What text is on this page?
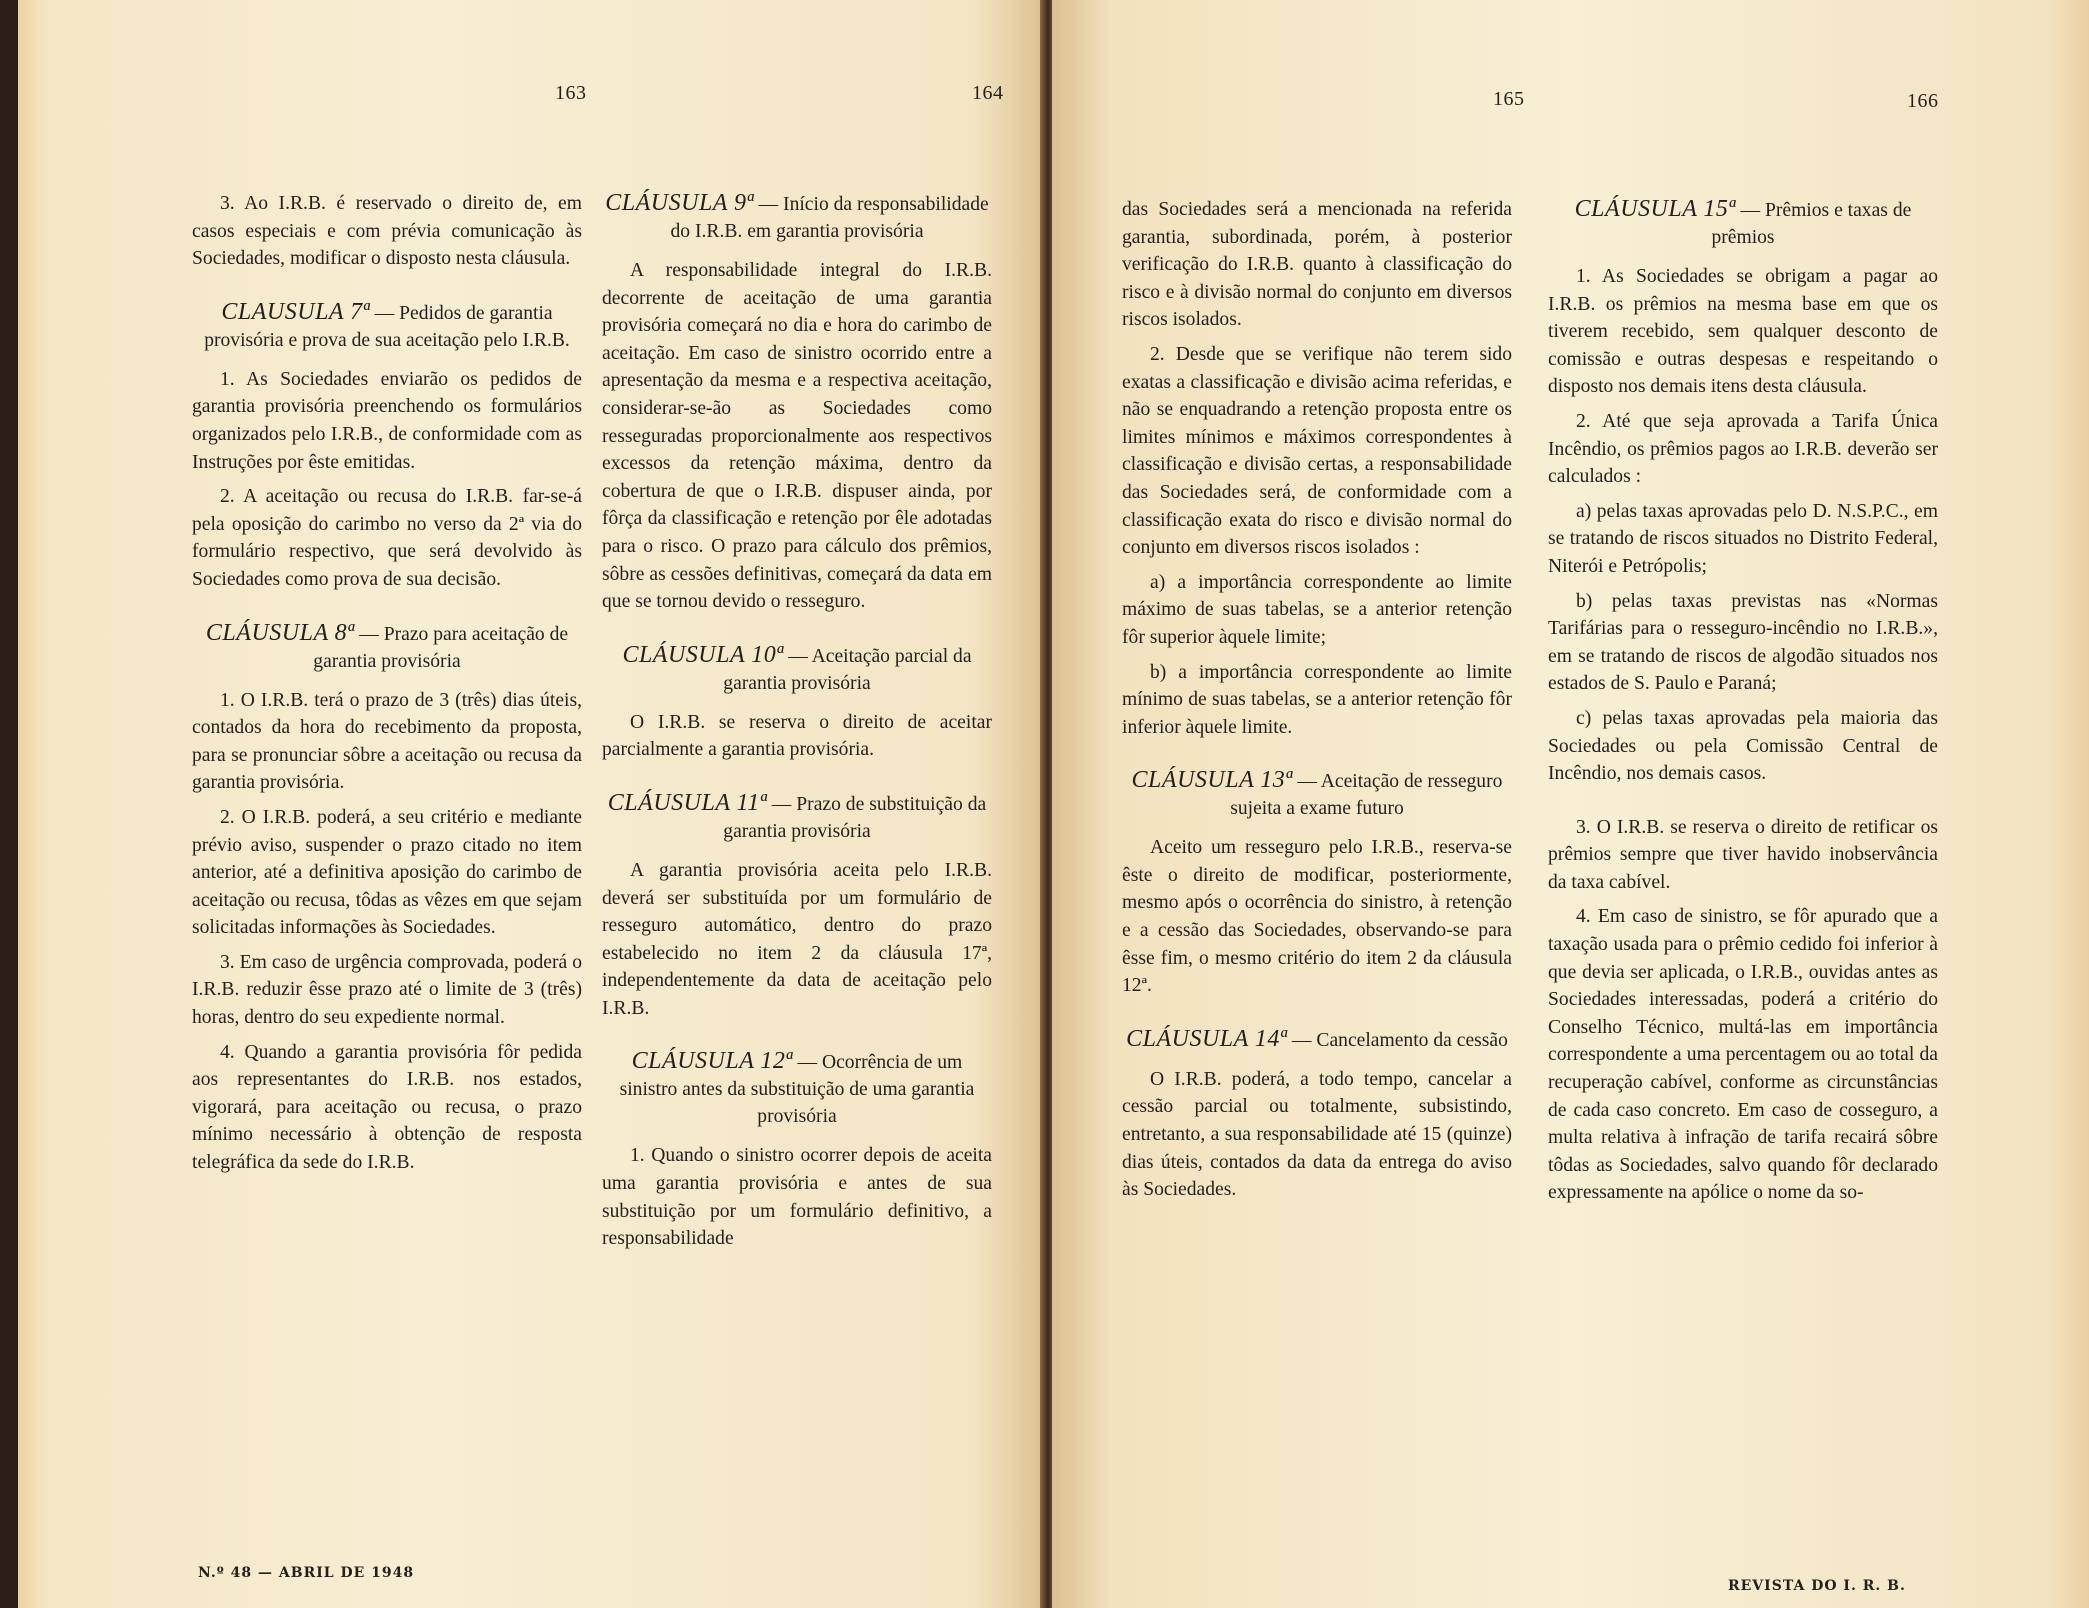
163	164

3. Ao I.R.B. é reservado o direito de, em casos especiais e com prévia comunicação às Sociedades, modificar o disposto nesta cláusula.

CLAUSULA 7ª — Pedidos de garantia provisória e prova de sua aceitação pelo I.R.B.

1. As Sociedades enviarão os pedidos de garantia provisória preenchendo os formulários organizados pelo I.R.B., de conformidade com as Instruções por êste emitidas.

2. A aceitação ou recusa do I.R.B. far-se-á pela oposição do carimbo no verso da 2ª via do formulário respectivo, que será devolvido às Sociedades como prova de sua decisão.

CLÁUSULA 8ª — Prazo para aceitação de garantia provisória

1. O I.R.B. terá o prazo de 3 (três) dias úteis, contados da hora do recebimento da proposta, para se pronunciar sôbre a aceitação ou recusa da garantia provisória.

2. O I.R.B. poderá, a seu critério e mediante prévio aviso, suspender o prazo citado no item anterior, até a definitiva aposição do carimbo de aceitação ou recusa, tôdas as vêzes em que sejam solicitadas informações às Sociedades.

3. Em caso de urgência comprovada, poderá o I.R.B. reduzir êsse prazo até o limite de 3 (três) horas, dentro do seu expediente normal.

4. Quando a garantia provisória fôr pedida aos representantes do I.R.B. nos estados, vigorará, para aceitação ou recusa, o prazo mínimo necessário à obtenção de resposta telegráfica da sede do I.R.B.

CLÁUSULA 9ª — Início da responsabilidade do I.R.B. em garantia provisória

A responsabilidade integral do I.R.B. decorrente de aceitação de uma garantia provisória começará no dia e hora do carimbo de aceitação. Em caso de sinistro ocorrido entre a apresentação da mesma e a respectiva aceitação, considerar-se-ão as Sociedades como resseguradas proporcionalmente aos respectivos excessos da retenção máxima, dentro da cobertura de que o I.R.B. dispuser ainda, por fôrça da classificação e retenção por êle adotadas para o risco. O prazo para cálculo dos prêmios, sôbre as cessões definitivas, começará da data em que se tornou devido o resseguro.

CLÁUSULA 10ª — Aceitação parcial da garantia provisória

O I.R.B. se reserva o direito de aceitar parcialmente a garantia provisória.

CLÁUSULA 11ª — Prazo de substituição da garantia provisória

A garantia provisória aceita pelo I.R.B. deverá ser substituída por um formulário de resseguro automático, dentro do prazo estabelecido no item 2 da cláusula 17ª, independentemente da data de aceitação pelo I.R.B.

CLÁUSULA 12ª — Ocorrência de um sinistro antes da substituição de uma garantia provisória

1. Quando o sinistro ocorrer depois de aceita uma garantia provisória e antes de sua substituição por um formulário definitivo, a responsabilidade

N.º 48 — ABRIL DE 1948
165	166

das Sociedades será a mencionada na referida garantia, subordinada, porém, à posterior verificação do I.R.B. quanto à classificação do risco e à divisão normal do conjunto em diversos riscos isolados.

2. Desde que se verifique não terem sido exatas a classificação e divisão acima referidas, e não se enquadrando a retenção proposta entre os limites mínimos e máximos correspondentes à classificação e divisão certas, a responsabilidade das Sociedades será, de conformidade com a classificação exata do risco e divisão normal do conjunto em diversos riscos isolados :

a) a importância correspondente ao limite máximo de suas tabelas, se a anterior retenção fôr superior àquele limite;

b) a importância correspondente ao limite mínimo de suas tabelas, se a anterior retenção fôr inferior àquele limite.

CLÁUSULA 13ª — Aceitação de resseguro sujeita a exame futuro

Aceito um resseguro pelo I.R.B., reserva-se êste o direito de modificar, posteriormente, mesmo após o ocorrência do sinistro, à retenção e a cessão das Sociedades, observando-se para êsse fim, o mesmo critério do item 2 da cláusula 12ª.

CLÁUSULA 14ª — Cancelamento da cessão

O I.R.B. poderá, a todo tempo, cancelar a cessão parcial ou totalmente, subsistindo, entretanto, a sua responsabilidade até 15 (quinze) dias úteis, contados da data da entrega do aviso às Sociedades.

CLÁUSULA 15ª — Prêmios e taxas de prêmios

1. As Sociedades se obrigam a pagar ao I.R.B. os prêmios na mesma base em que os tiverem recebido, sem qualquer desconto de comissão e outras despesas e respeitando o disposto nos demais itens desta cláusula.

2. Até que seja aprovada a Tarifa Única Incêndio, os prêmios pagos ao I.R.B. deverão ser calculados :

a) pelas taxas aprovadas pelo D. N.S.P.C., em se tratando de riscos situados no Distrito Federal, Niterói e Petrópolis;

b) pelas taxas previstas nas «Normas Tarifárias para o resseguro-incêndio no I.R.B.», em se tratando de riscos de algodão situados nos estados de S. Paulo e Paraná;

c) pelas taxas aprovadas pela maioria das Sociedades ou pela Comissão Central de Incêndio, nos demais casos.

3. O I.R.B. se reserva o direito de retificar os prêmios sempre que tiver havido inobservância da taxa cabível.

4. Em caso de sinistro, se fôr apurado que a taxação usada para o prêmio cedido foi inferior à que devia ser aplicada, o I.R.B., ouvidas antes as Sociedades interessadas, poderá a critério do Conselho Técnico, multá-las em importância correspondente a uma percentagem ou ao total da recuperação cabível, conforme as circunstâncias de cada caso concreto. Em caso de cosseguro, a multa relativa à infração de tarifa recairá sôbre tôdas as Sociedades, salvo quando fôr declarado expressamente na apólice o nome da so-

REVISTA DO I. R. B.
